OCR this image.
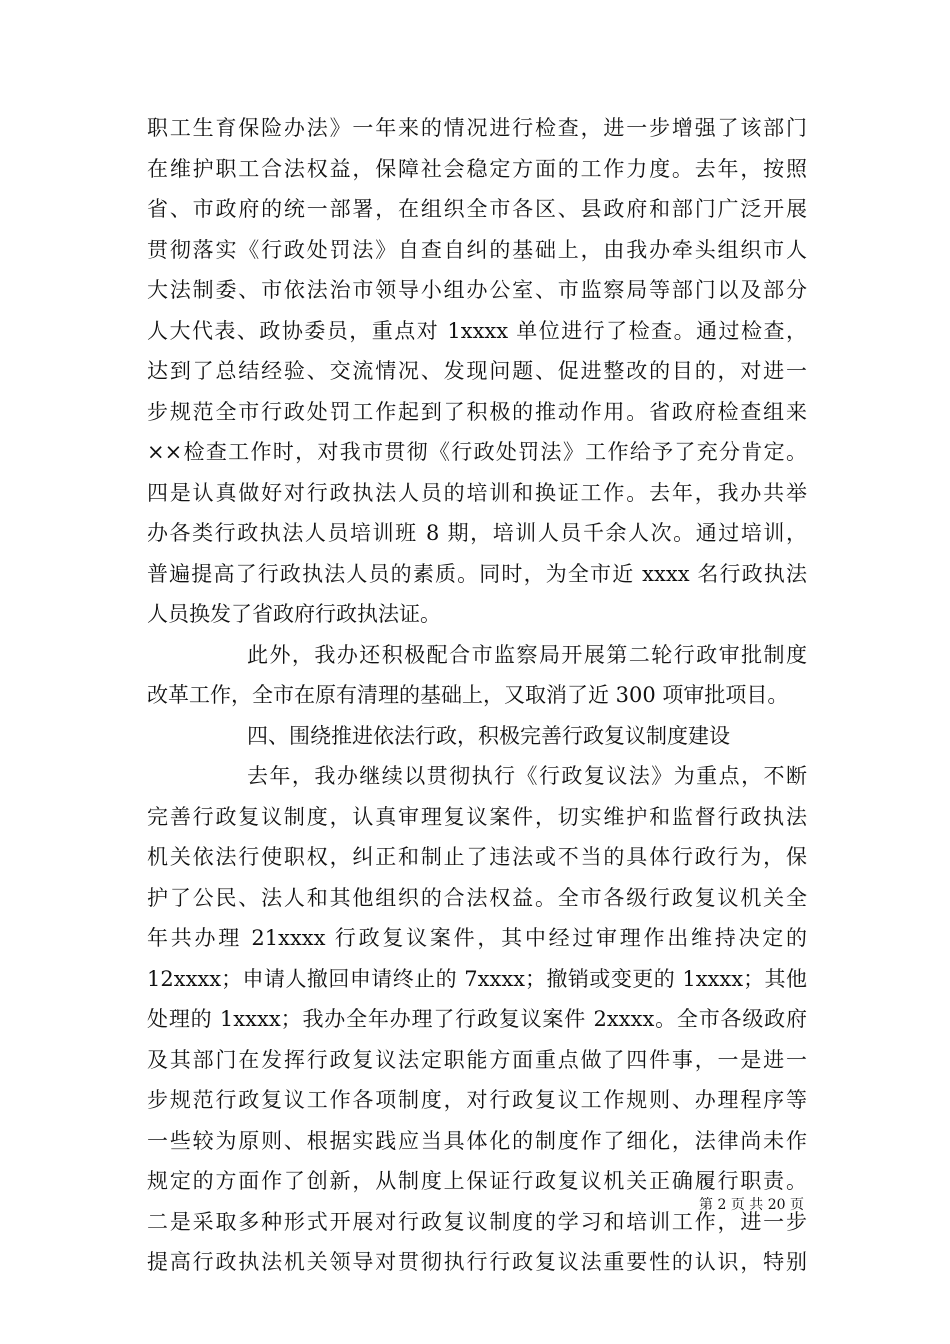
职工生育保险办法》一年来的情况进行检查，进一步增强了该部门
在维护职工合法权益，保障社会稳定方面的工作力度。去年，按照
省、市政府的统一部署，在组织全市各区、县政府和部门广泛开展
贯彻落实《行政处罚法》自查自纠的基础上，由我办牵头组织市人
大法制委、市依法治市领导小组办公室、市监察局等部门以及部分
人大代表、政协委员，重点对 1xxxx 单位进行了检查。通过检查，
达到了总结经验、交流情况、发现问题、促进整改的目的，对进一
步规范全市行政处罚工作起到了积极的推动作用。省政府检查组来
××检查工作时，对我市贯彻《行政处罚法》工作给予了充分肯定。
四是认真做好对行政执法人员的培训和换证工作。去年，我办共举
办各类行政执法人员培训班 8 期，培训人员千余人次。通过培训，
普遍提高了行政执法人员的素质。同时，为全市近 xxxx 名行政执法
人员换发了省政府行政执法证。
此外，我办还积极配合市监察局开展第二轮行政审批制度
改革工作，全市在原有清理的基础上，又取消了近 300 项审批项目。
四、围绕推进依法行政，积极完善行政复议制度建设
去年，我办继续以贯彻执行《行政复议法》为重点，不断
完善行政复议制度，认真审理复议案件，切实维护和监督行政执法
机关依法行使职权，纠正和制止了违法或不当的具体行政行为，保
护了公民、法人和其他组织的合法权益。全市各级行政复议机关全
年共办理 21xxxx 行政复议案件，其中经过审理作出维持决定的
12xxxx；申请人撤回申请终止的 7xxxx；撤销或变更的 1xxxx；其他
处理的 1xxxx；我办全年办理了行政复议案件 2xxxx。全市各级政府
及其部门在发挥行政复议法定职能方面重点做了四件事，一是进一
步规范行政复议工作各项制度，对行政复议工作规则、办理程序等
一些较为原则、根据实践应当具体化的制度作了细化，法律尚未作
规定的方面作了创新，从制度上保证行政复议机关正确履行职责。
二是采取多种形式开展对行政复议制度的学习和培训工作，进一步
提高行政执法机关领导对贯彻执行行政复议法重要性的认识，特别
第 2 页 共 20 页
